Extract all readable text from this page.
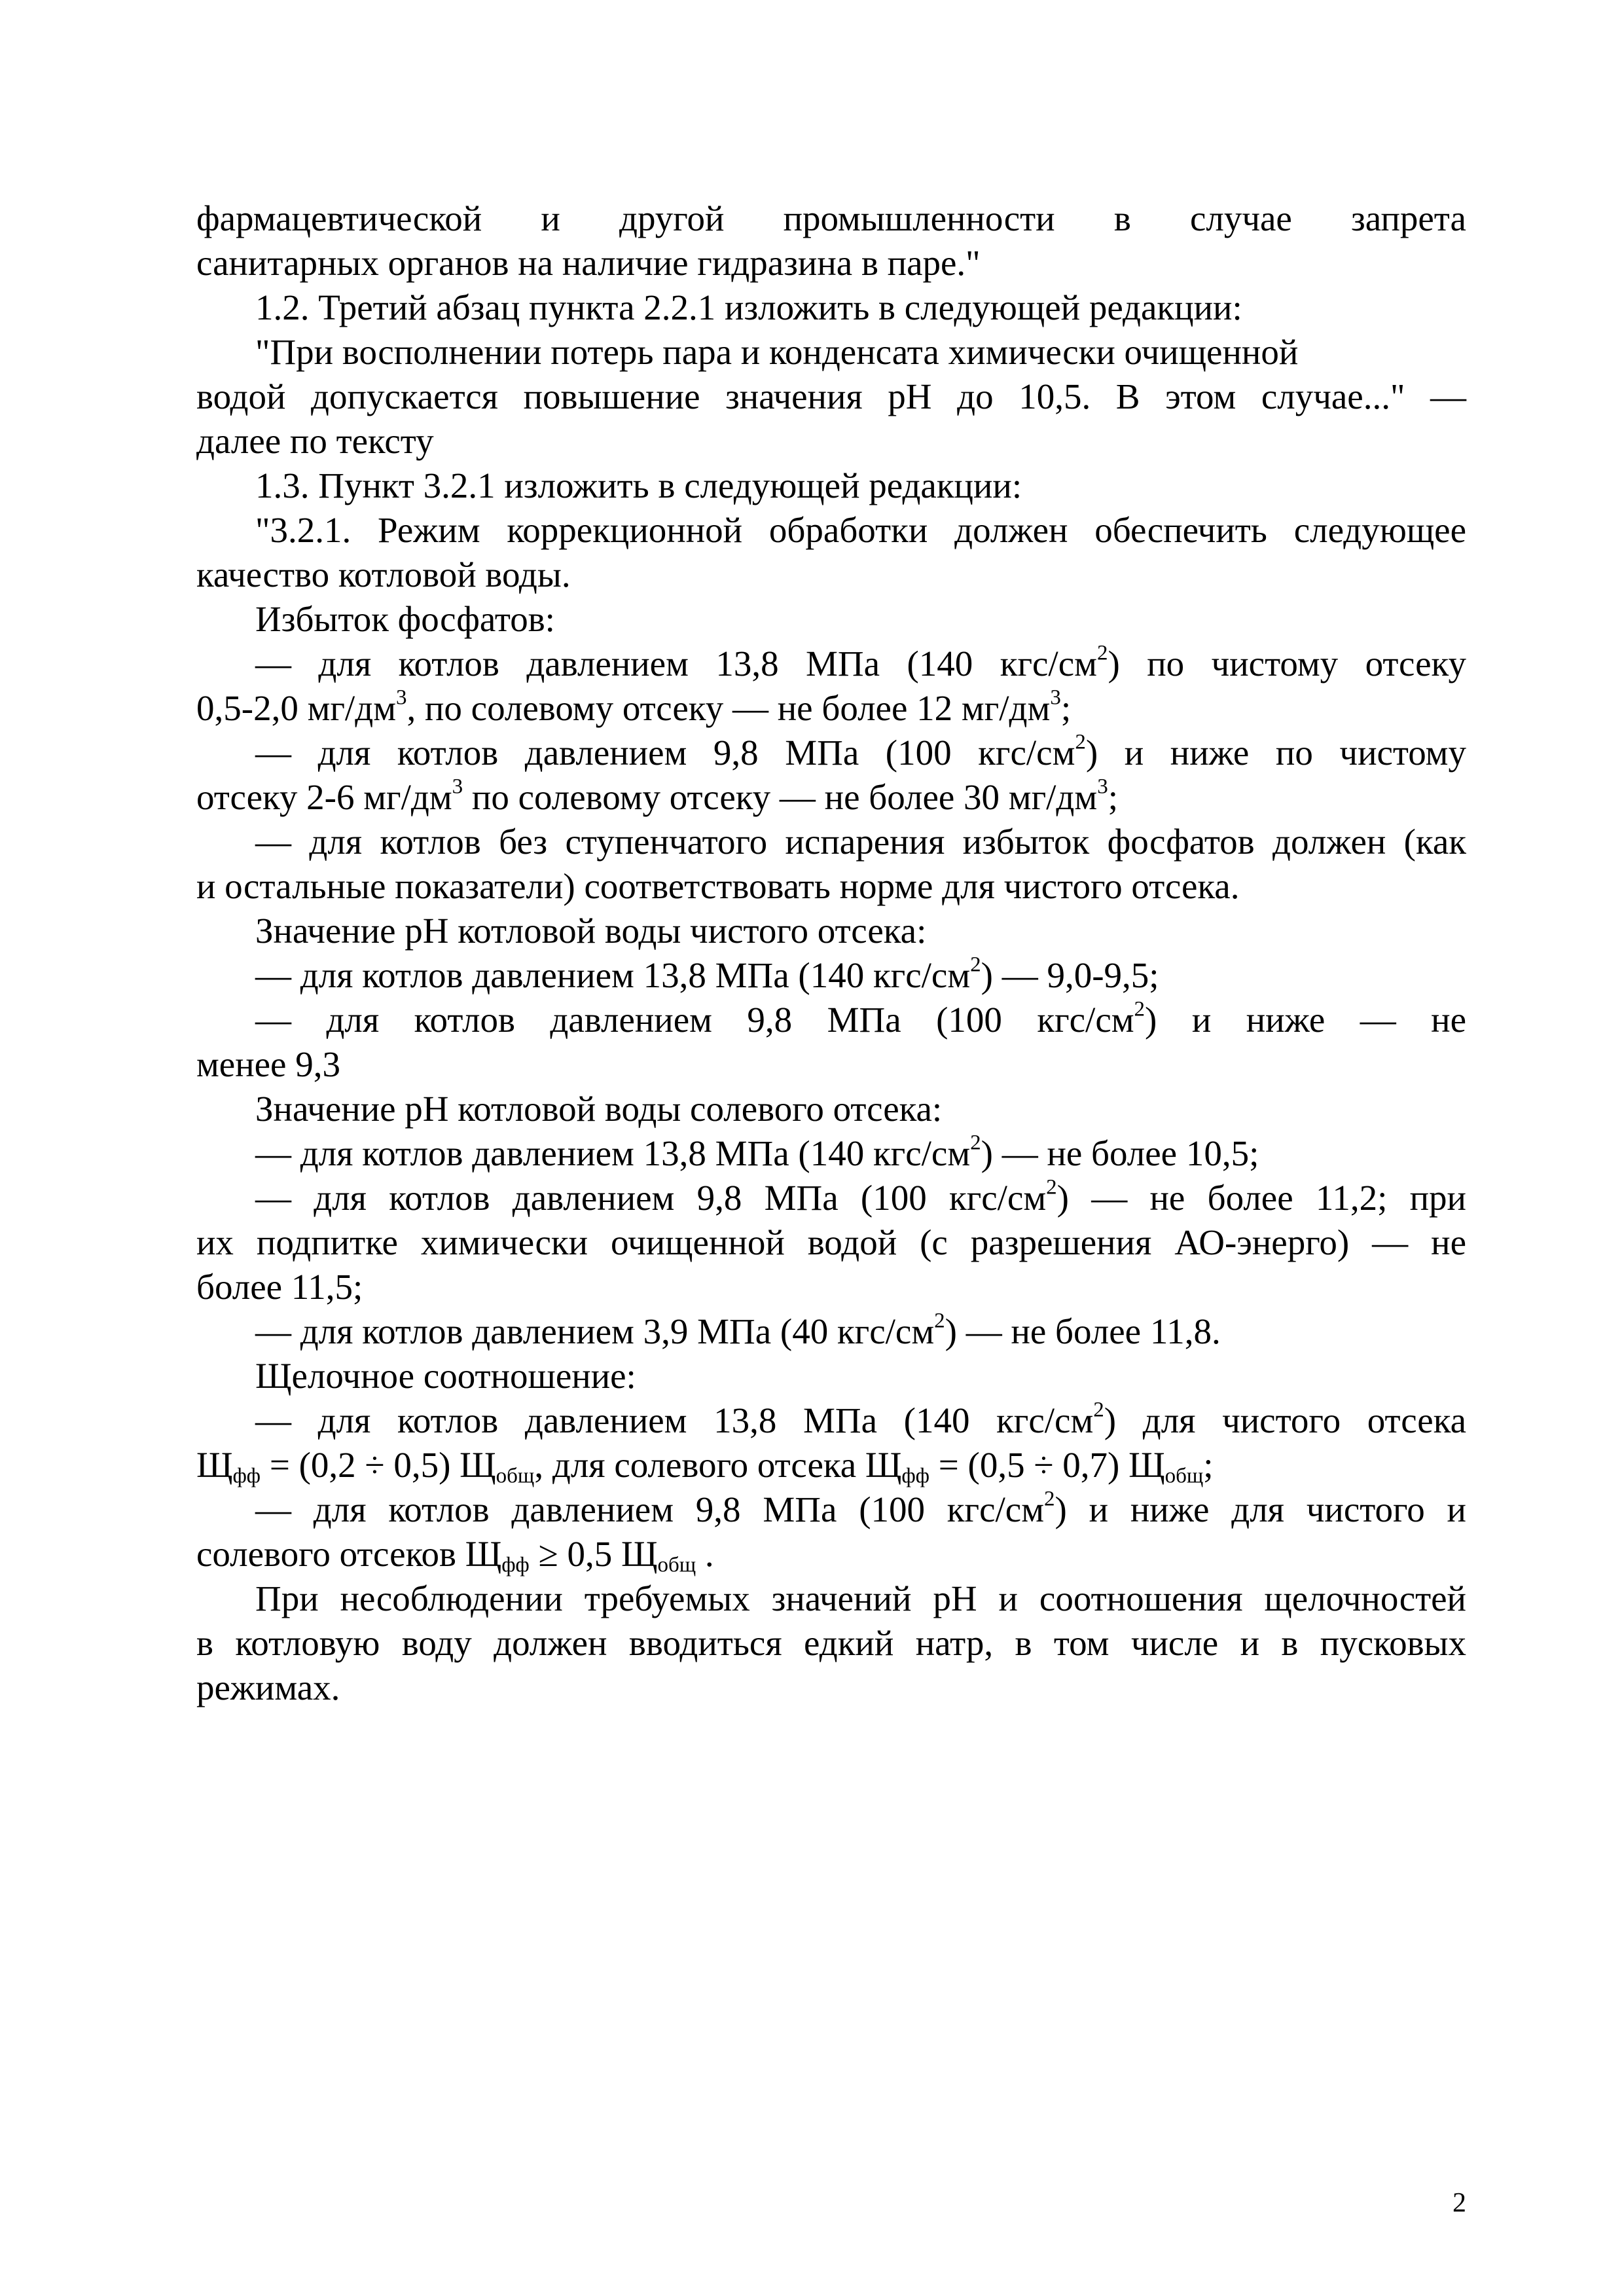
фармацевтической и другой промышленности в случае запрета
санитарных органов на наличие гидразина в паре."
1.2. Третий абзац пункта 2.2.1 изложить в следующей редакции:
"При восполнении потерь пара и конденсата химически очищенной
водой допускается повышение значения pH до 10,5. В этом случае..." —
далее по тексту
1.3. Пункт 3.2.1 изложить в следующей редакции:
"3.2.1. Режим коррекционной обработки должен обеспечить следующее
качество котловой воды.
Избыток фосфатов:
— для котлов давлением 13,8 МПа (140 кгс/$см^2$) по чистому отсеку
0,5-2,0 $мг/дм^3$, по солевому отсеку — не более 12 $мг/дм^3$;
— для котлов давлением 9,8 МПа (100 кгс/$см^2$) и ниже по чистому
отсеку 2-6 $мг/дм^3$ по солевому отсеку — не более 30 $мг/дм^3$;
— для котлов без ступенчатого испарения избыток фосфатов должен (как
и остальные показатели) соответствовать норме для чистого отсека.
Значение pH котловой воды чистого отсека:
— для котлов давлением 13,8 МПа (140 кгс/$см^2$) — 9,0-9,5;
— для котлов давлением 9,8 МПа (100 кгс/$см^2$) и ниже — не
менее 9,3
Значение pH котловой воды солевого отсека:
— для котлов давлением 13,8 МПа (140 кгс/$см^2$) — не более 10,5;
— для котлов давлением 9,8 МПа (100 кгс/$см^2$) — не более 11,2; при
их подпитке химически очищенной водой (с разрешения АО-энерго) — не
более 11,5;
— для котлов давлением 3,9 МПа (40 кгс/$см^2$) — не более 11,8.
Щелочное соотношение:
— для котлов давлением 13,8 МПа (140 кгс/$см^2$) для чистого отсека
$Щ_{фф} = (0,2 \div 0,5)$ $Щ_{общ}$, для солевого отсека $Щ_{фф} = (0,5 \div 0,7)$ $Щ_{общ}$;
— для котлов давлением 9,8 МПа (100 кгс/$см^2$) и ниже для чистого и
солевого отсеков $Щ_{фф} \ge 0,5$ $Щ_{общ}$ .
При несоблюдении требуемых значений pH и соотношения щелочностей
в котловую воду должен вводиться едкий натр, в том числе и в пусковых
режимах.
2
